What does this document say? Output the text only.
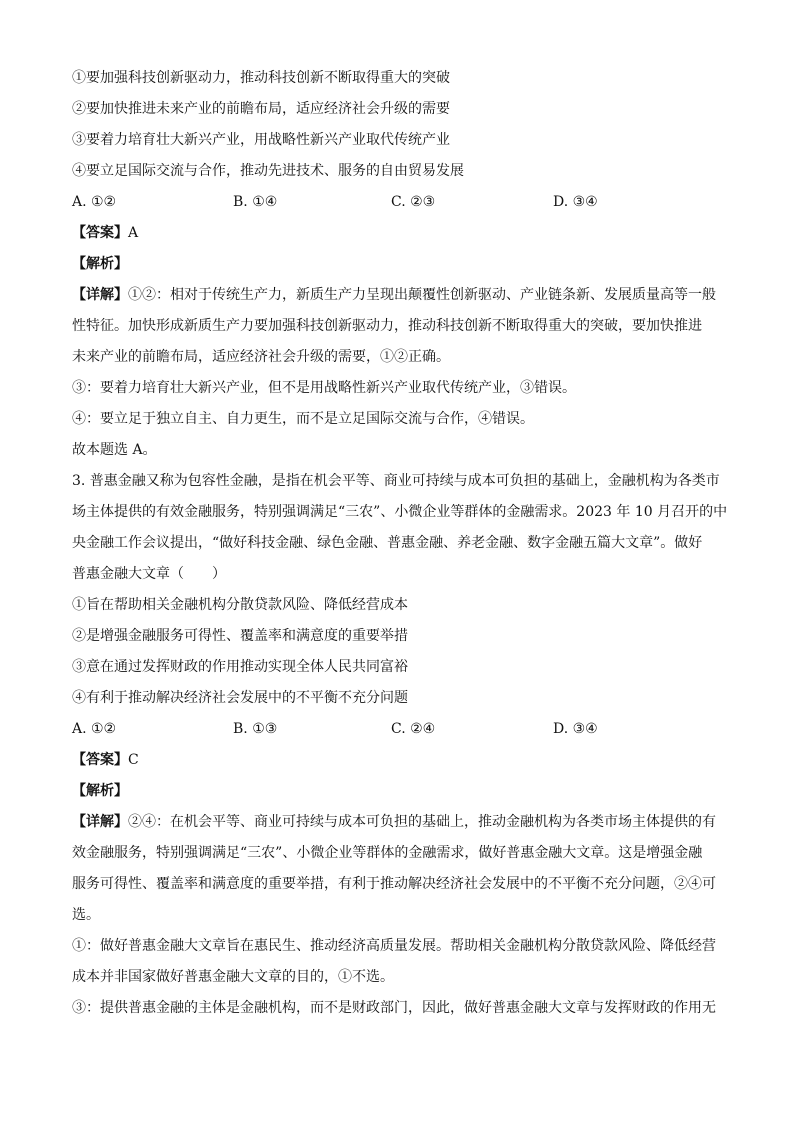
①要加强科技创新驱动力，推动科技创新不断取得重大的突破
②要加快推进未来产业的前瞻布局，适应经济社会升级的需要
③要着力培育壮大新兴产业，用战略性新兴产业取代传统产业
④要立足国际交流与合作，推动先进技术、服务的自由贸易发展
A. ①②	B. ①④	C. ②③	D. ③④
【答案】A
【解析】
【详解】①②：相对于传统生产力，新质生产力呈现出颠覆性创新驱动、产业链条新、发展质量高等一般
性特征。加快形成新质生产力要加强科技创新驱动力，推动科技创新不断取得重大的突破，要加快推进
未来产业的前瞻布局，适应经济社会升级的需要，①②正确。
③：要着力培育壮大新兴产业，但不是用战略性新兴产业取代传统产业，③错误。
④：要立足于独立自主、自力更生，而不是立足国际交流与合作，④错误。
故本题选 A。
3. 普惠金融又称为包容性金融，是指在机会平等、商业可持续与成本可负担的基础上，金融机构为各类市
场主体提供的有效金融服务，特别强调满足“三农”、小微企业等群体的金融需求。2023 年 10 月召开的中
央金融工作会议提出，“做好科技金融、绿色金融、普惠金融、养老金融、数字金融五篇大文章”。做好
普惠金融大文章（　　）
①旨在帮助相关金融机构分散贷款风险、降低经营成本
②是增强金融服务可得性、覆盖率和满意度的重要举措
③意在通过发挥财政的作用推动实现全体人民共同富裕
④有利于推动解决经济社会发展中的不平衡不充分问题
A. ①②	B. ①③	C. ②④	D. ③④
【答案】C
【解析】
【详解】②④：在机会平等、商业可持续与成本可负担的基础上，推动金融机构为各类市场主体提供的有
效金融服务，特别强调满足“三农”、小微企业等群体的金融需求，做好普惠金融大文章。这是增强金融
服务可得性、覆盖率和满意度的重要举措，有利于推动解决经济社会发展中的不平衡不充分问题，②④可
选。
①：做好普惠金融大文章旨在惠民生、推动经济高质量发展。帮助相关金融机构分散贷款风险、降低经营
成本并非国家做好普惠金融大文章的目的，①不选。
③：提供普惠金融的主体是金融机构，而不是财政部门，因此，做好普惠金融大文章与发挥财政的作用无
